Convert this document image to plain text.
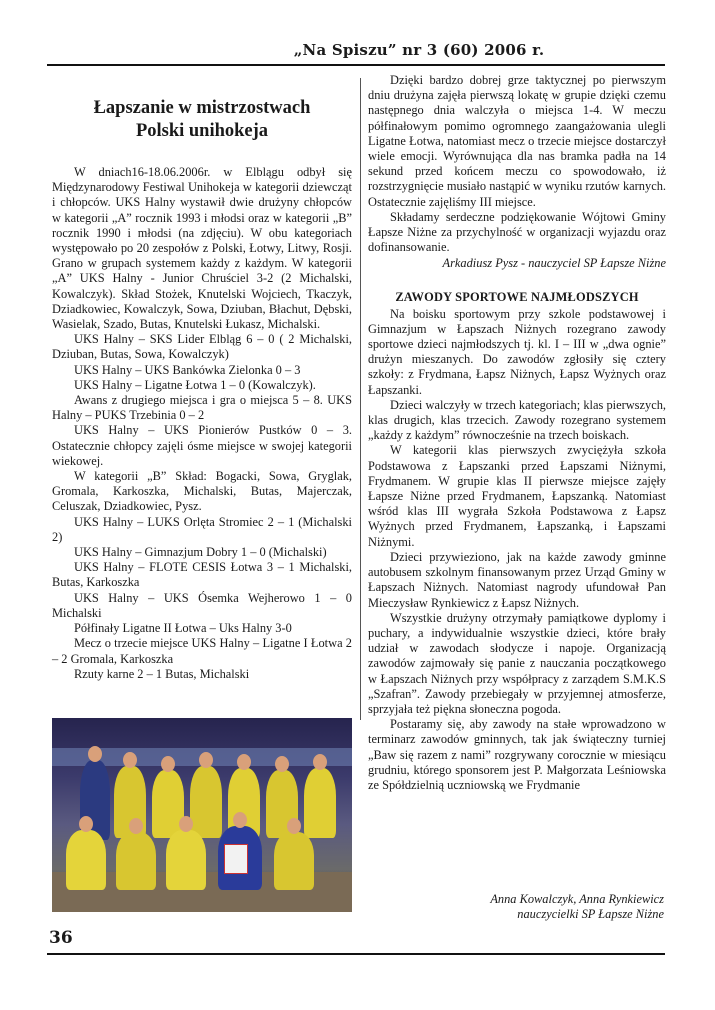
„Na Spiszu” nr 3 (60) 2006 r.
Łapszanie w mistrzostwach
Polski unihokeja

W dniach16-18.06.2006r. w Elblągu odbył się Międzynarodowy Festiwal Unihokeja w kategorii dziewcząt i chłopców. UKS Halny wystawił dwie drużyny chłopców w kategorii „A” rocznik 1993 i młodsi oraz w kategorii „B” rocznik 1990 i młodsi (na zdjęciu). W obu kategoriach występowało po 20 zespołów z Polski, Łotwy, Litwy, Rosji. Grano w grupach systemem każdy z każdym. W kategorii „A” UKS Halny - Junior Chruściel 3-2 (2 Michalski, Kowalczyk). Skład Stożek, Knutelski Wojciech, Tkaczyk, Dziadkowiec, Kowalczyk, Sowa, Dziuban, Błachut, Dębski, Wasielak, Szado, Butas, Knutelski Łukasz, Michalski.

UKS Halny – SKS Lider Elbląg 6 – 0 ( 2 Michalski, Dziuban, Butas, Sowa, Kowalczyk)

UKS Halny – UKS Bankówka Zielonka 0 – 3

UKS Halny – Ligatne Łotwa 1 – 0 (Kowalczyk).

Awans z drugiego miejsca i gra o miejsca 5 – 8. UKS Halny – PUKS Trzebinia 0 – 2

UKS Halny – UKS Pionierów Pustków 0 – 3. Ostatecznie chłopcy zajęli ósme miejsce w swojej kategorii wiekowej.

W kategorii „B” Skład: Bogacki, Sowa, Gryglak, Gromala, Karkoszka, Michalski, Butas, Majerczak, Celuszak, Dziadkowiec, Pysz.

UKS Halny – LUKS Orlęta Stromiec 2 – 1 (Michalski 2)

UKS Halny – Gimnazjum Dobry 1 – 0 (Michalski)

UKS Halny – FLOTE CESIS Łotwa 3 – 1 Michalski, Butas, Karkoszka

UKS Halny – UKS Ósemka Wejherowo 1 – 0 Michalski

Półfinały Ligatne II Łotwa – Uks Halny 3-0

Mecz o trzecie miejsce UKS Halny – Ligatne I Łotwa 2 – 2 Gromala, Karkoszka

Rzuty karne 2 – 1 Butas, Michalski

Dzięki bardzo dobrej grze taktycznej po pierwszym dniu drużyna zajęła pierwszą lokatę w grupie dzięki czemu następnego dnia walczyła o miejsca 1-4. W meczu półfinałowym pomimo ogromnego zaangażowania ulegli Ligatne Łotwa, natomiast mecz o trzecie miejsce dostarczył wiele emocji. Wyrównująca dla nas bramka padła na 14 sekund przed końcem meczu co spowodowało, iż rozstrzygnięcie musiało nastąpić w wyniku rzutów karnych. Ostatecznie zajęliśmy III miejsce.

Składamy serdeczne podziękowanie Wójtowi Gminy Łapsze Niżne za przychylność w organizacji wyjazdu oraz dofinansowanie.

Arkadiusz Pysz - nauczyciel SP Łapsze Niżne
ZAWODY SPORTOWE NAJMŁODSZYCH

Na boisku sportowym przy szkole podstawowej i Gimnazjum w Łapszach Niżnych rozegrano zawody sportowe dzieci najmłodszych tj. kl. I – III w „dwa ognie” drużyn mieszanych. Do zawodów zgłosiły się cztery szkoły: z Frydmana, Łapsz Niżnych, Łapsz Wyżnych oraz Łapszanki.

Dzieci walczyły w trzech kategoriach; klas pierwszych, klas drugich, klas trzecich. Zawody rozegrano systemem „każdy z każdym” równocześnie na trzech boiskach.

W kategorii klas pierwszych zwyciężyła szkoła Podstawowa z Łapszanki przed Łapszami Niżnymi, Frydmanem. W grupie klas II pierwsze miejsce zajęły Łapsze Niżne przed Frydmanem, Łapszanką. Natomiast wśród klas III wygrała Szkoła Podstawowa z Łapsz Wyżnych przed Frydmanem, Łapszanką, i Łapszami Niżnymi.

Dzieci przywieziono, jak na każde zawody gminne autobusem szkolnym finansowanym przez Urząd Gminy w Łapszach Niżnych. Natomiast nagrody ufundował Pan Mieczysław Rynkiewicz z Łapsz Niżnych.

Wszystkie drużyny otrzymały pamiątkowe dyplomy i puchary, a indywidualnie wszystkie dzieci, które brały udział w zawodach słodycze i napoje. Organizacją zawodów zajmowały się panie z nauczania początkowego w Łapszach Niżnych przy współpracy z zarządem S.M.K.S „Szafran”. Zawody przebiegały w przyjemnej atmosferze, sprzyjała też piękna słoneczna pogoda.

Postaramy się, aby zawody na stałe wprowadzono w terminarz zawodów gminnych, tak jak świąteczny turniej „Baw się razem z nami” rozgrywany corocznie w miesiącu grudniu, którego sponsorem jest P. Małgorzata Leśniowska ze Spółdzielnią uczniowską we Frydmanie

Anna Kowalczyk, Anna Rynkiewicz
nauczycielki SP Łapsze Niżne
36
